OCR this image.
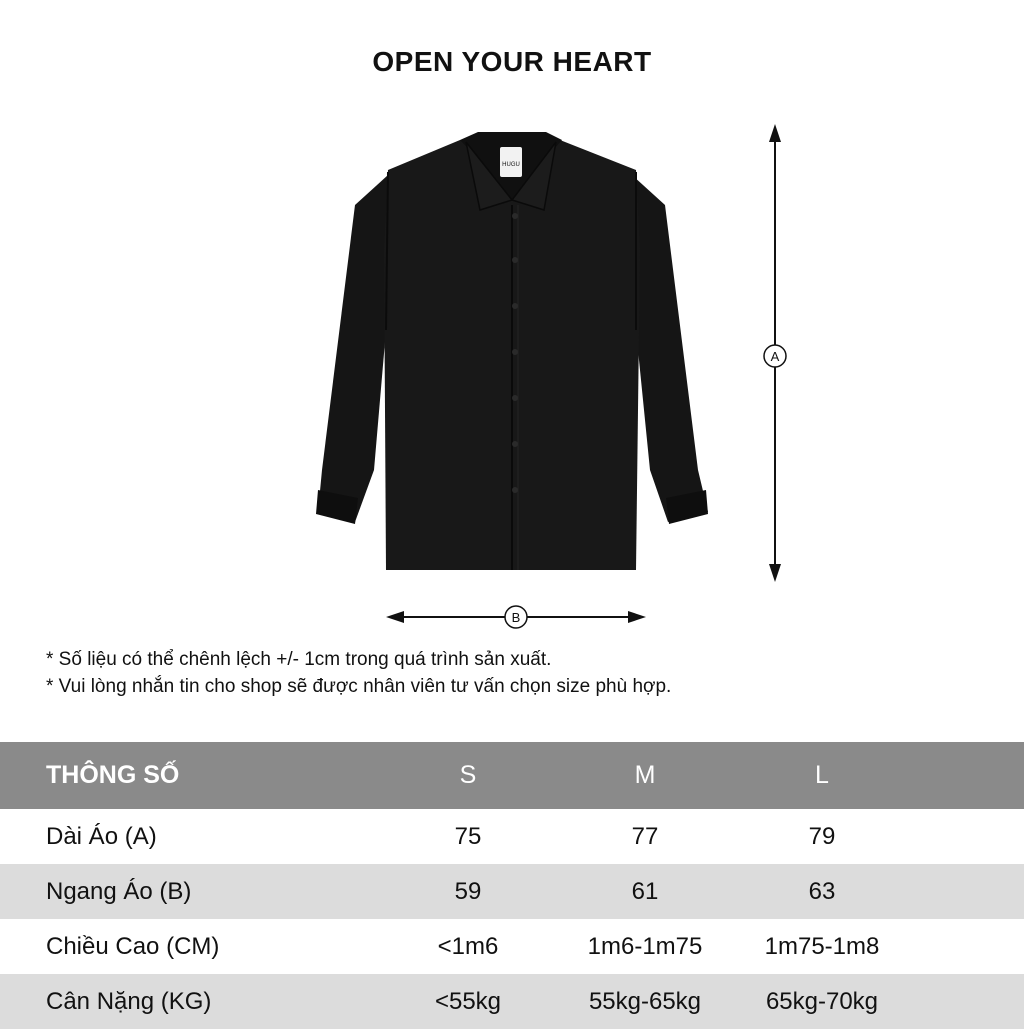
OPEN YOUR HEART
HUGU
A
B
* Số liệu có thể chênh lệch +/- 1cm trong quá trình sản xuất.
* Vui lòng nhắn tin cho shop sẽ được nhân viên tư vấn chọn size phù hợp.
THÔNG SỐ	S	M	L
Dài Áo (A)	75	77	79
Ngang Áo (B)	59	61	63
Chiều Cao (CM)	<1m6	1m6-1m75	1m75-1m8
Cân Nặng (KG)	<55kg	55kg-65kg	65kg-70kg
